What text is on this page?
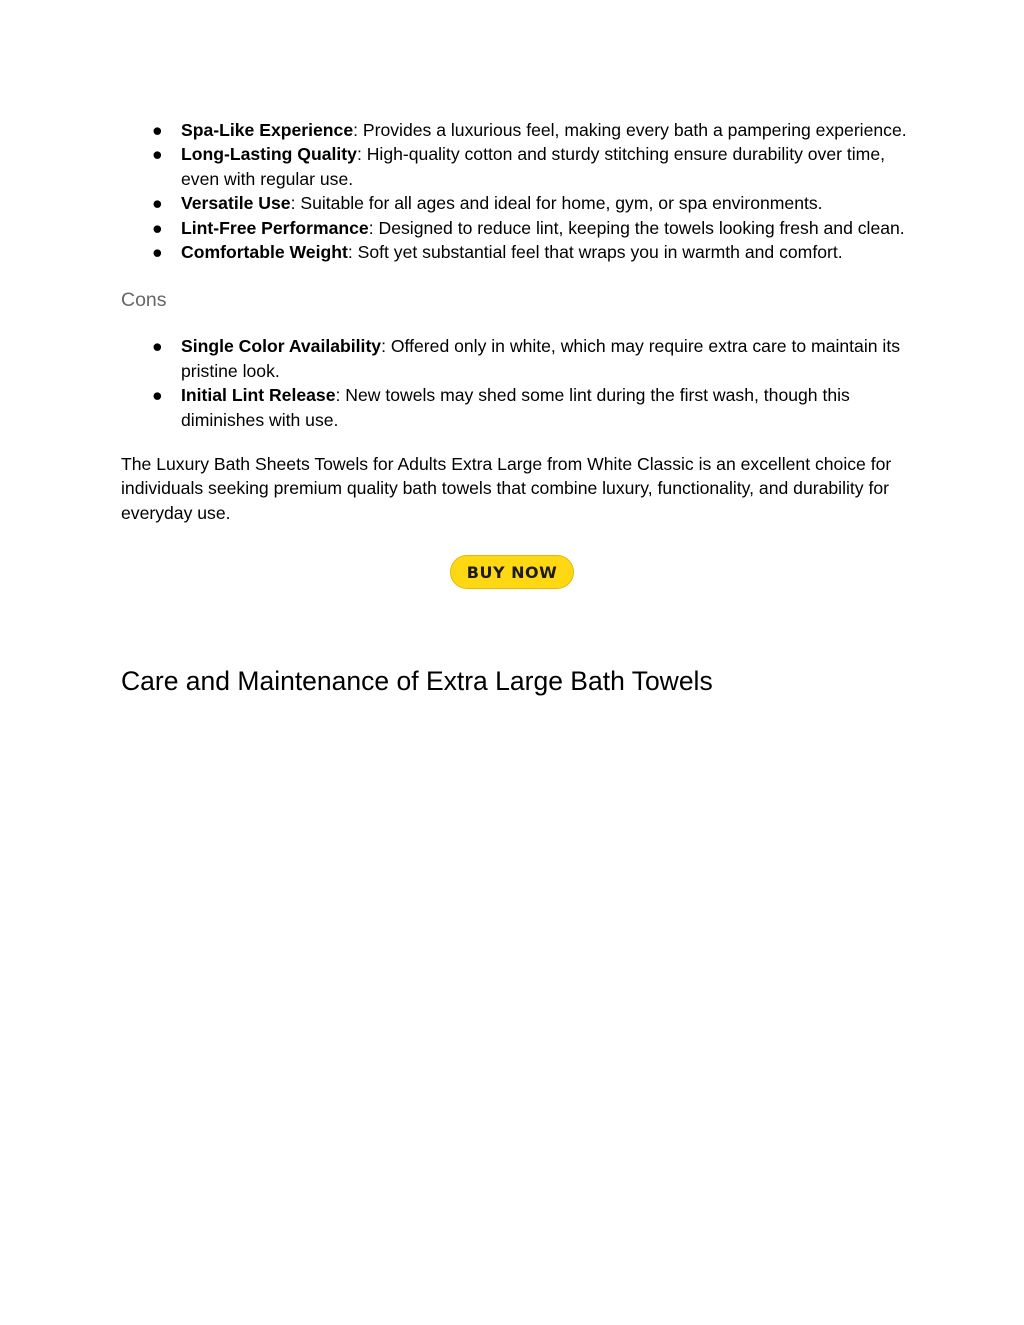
● Spa-Like Experience: Provides a luxurious feel, making every bath a pampering experience.
● Long-Lasting Quality: High-quality cotton and sturdy stitching ensure durability over time, even with regular use.
● Versatile Use: Suitable for all ages and ideal for home, gym, or spa environments.
● Lint-Free Performance: Designed to reduce lint, keeping the towels looking fresh and clean.
● Comfortable Weight: Soft yet substantial feel that wraps you in warmth and comfort.
Cons
● Single Color Availability: Offered only in white, which may require extra care to maintain its pristine look.
● Initial Lint Release: New towels may shed some lint during the first wash, though this diminishes with use.

The Luxury Bath Sheets Towels for Adults Extra Large from White Classic is an excellent choice for individuals seeking premium quality bath towels that combine luxury, functionality, and durability for everyday use.

BUY NOW
Care and Maintenance of Extra Large Bath Towels
